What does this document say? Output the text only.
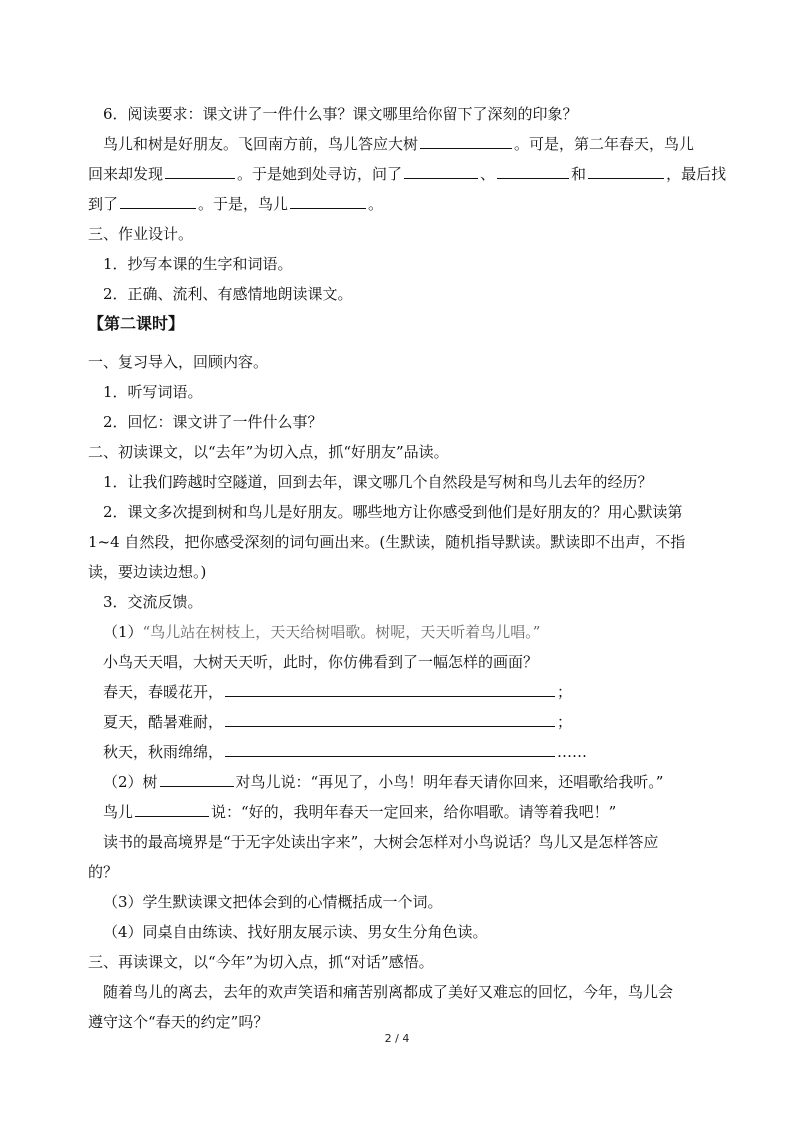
6．阅读要求：课文讲了一件什么事？课文哪里给你留下了深刻的印象？
鸟儿和树是好朋友。飞回南方前，鸟儿答应大树	。可是，第二年春天，鸟儿
回来却发现	。于是她到处寻访，问了	、	和	，最后找
到了	。于是，鸟儿	。
三、作业设计。
1．抄写本课的生字和词语。
2．正确、流利、有感情地朗读课文。
【第二课时】
一、复习导入，回顾内容。
1．听写词语。
2．回忆：课文讲了一件什么事？
二、初读课文，以“去年”为切入点，抓“好朋友”品读。
1．让我们跨越时空隧道，回到去年，课文哪几个自然段是写树和鸟儿去年的经历？
2．课文多次提到树和鸟儿是好朋友。哪些地方让你感受到他们是好朋友的？用心默读第
1~4 自然段，把你感受深刻的词句画出来。(生默读，随机指导默读。默读即不出声，不指
读，要边读边想。)
3．交流反馈。
（1）“鸟儿站在树枝上，天天给树唱歌。树呢，天天听着鸟儿唱。”
小鸟天天唱，大树天天听，此时，你仿佛看到了一幅怎样的画面？
春天，春暖花开，	；
夏天，酷暑难耐，	；
秋天，秋雨绵绵，	……
（2）树	对鸟儿说：“再见了，小鸟！明年春天请你回来，还唱歌给我听。”
鸟儿	说：“好的，我明年春天一定回来，给你唱歌。请等着我吧！”
读书的最高境界是“于无字处读出字来”，大树会怎样对小鸟说话？鸟儿又是怎样答应
的？
（3）学生默读课文把体会到的心情概括成一个词。
（4）同桌自由练读、找好朋友展示读、男女生分角色读。
三、再读课文，以“今年”为切入点，抓“对话”感悟。
随着鸟儿的离去，去年的欢声笑语和痛苦别离都成了美好又难忘的回忆，今年，鸟儿会
遵守这个“春天的约定”吗？
2 / 4
